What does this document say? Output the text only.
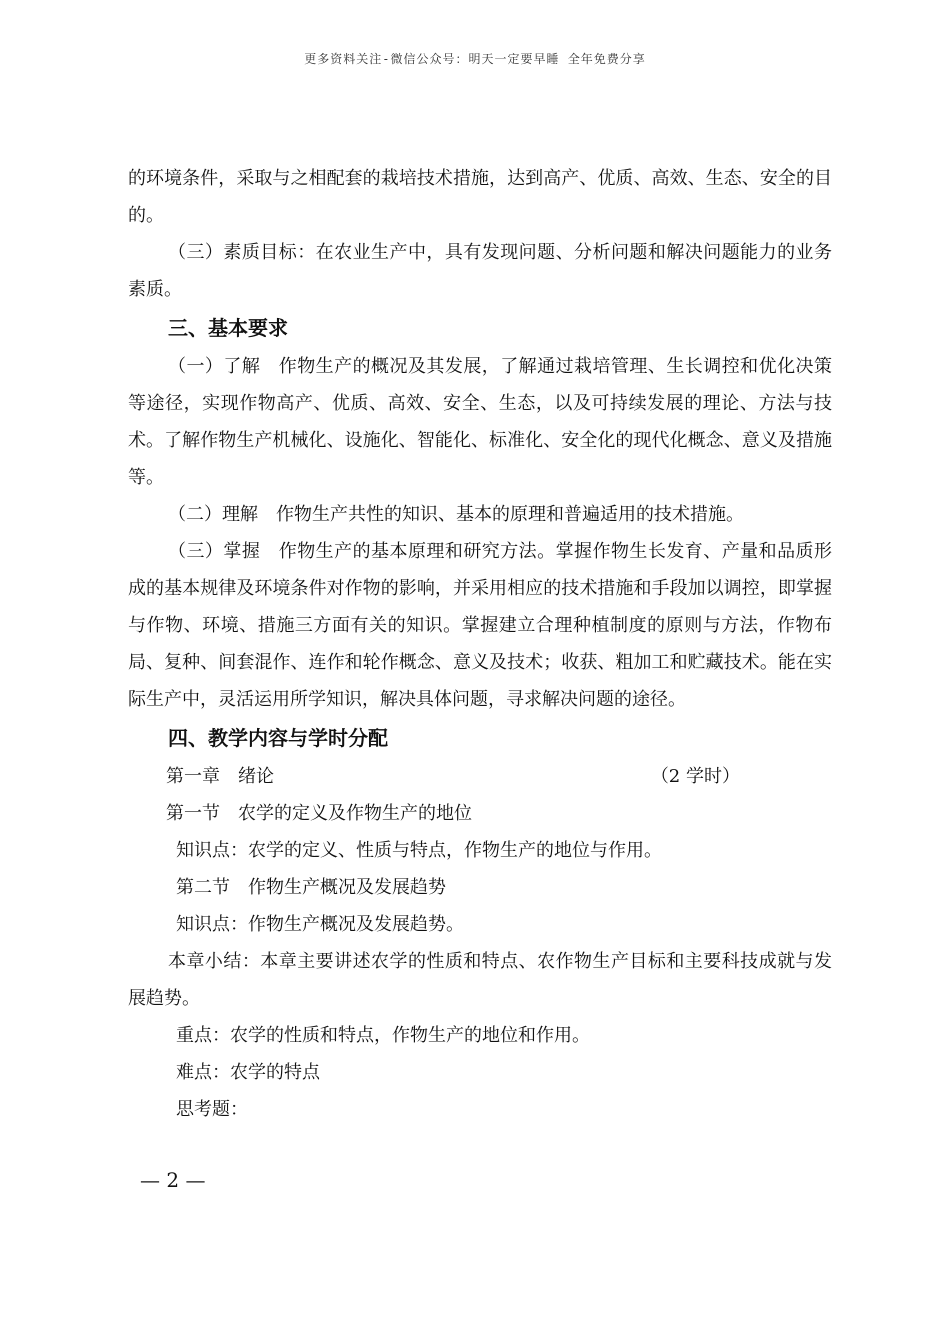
更多资料关注-微信公众号：明天一定要早睡 全年免费分享

的环境条件，采取与之相配套的栽培技术措施，达到高产、优质、高效、生态、安全的目的。

（三）素质目标：在农业生产中，具有发现问题、分析问题和解决问题能力的业务素质。

三、基本要求

（一）了解　作物生产的概况及其发展，了解通过栽培管理、生长调控和优化决策等途径，实现作物高产、优质、高效、安全、生态，以及可持续发展的理论、方法与技术。了解作物生产机械化、设施化、智能化、标准化、安全化的现代化概念、意义及措施等。

（二）理解　作物生产共性的知识、基本的原理和普遍适用的技术措施。

（三）掌握　作物生产的基本原理和研究方法。掌握作物生长发育、产量和品质形成的基本规律及环境条件对作物的影响，并采用相应的技术措施和手段加以调控，即掌握与作物、环境、措施三方面有关的知识。掌握建立合理种植制度的原则与方法，作物布局、复种、间套混作、连作和轮作概念、意义及技术；收获、粗加工和贮藏技术。能在实际生产中，灵活运用所学知识，解决具体问题，寻求解决问题的途径。

四、教学内容与学时分配

第一章　绪论	（2 学时）

第一节　农学的定义及作物生产的地位

知识点：农学的定义、性质与特点，作物生产的地位与作用。

第二节　作物生产概况及发展趋势

知识点：作物生产概况及发展趋势。

本章小结：本章主要讲述农学的性质和特点、农作物生产目标和主要科技成就与发展趋势。

重点：农学的性质和特点，作物生产的地位和作用。

难点：农学的特点

思考题：

— 2 —
